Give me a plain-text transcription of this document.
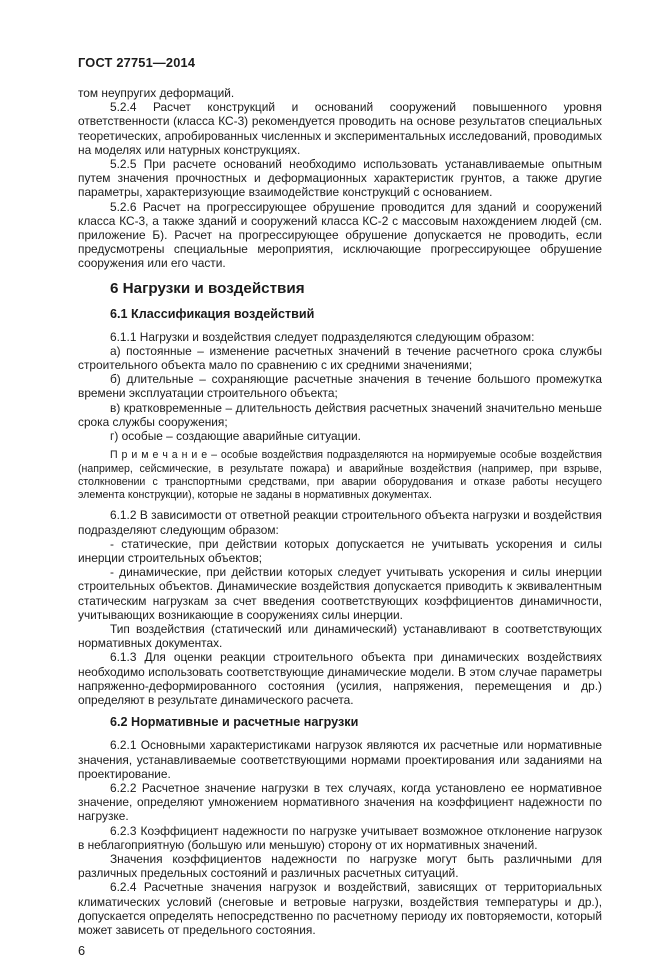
ГОСТ 27751—2014

том неупругих деформаций.

5.2.4 Расчет конструкций и оснований сооружений повышенного уровня ответственности (класса КС-3) рекомендуется проводить на основе результатов специальных теоретических, апробированных численных и экспериментальных исследований, проводимых на моделях или натурных конструкциях.

5.2.5 При расчете оснований необходимо использовать устанавливаемые опытным путем значения прочностных и деформационных характеристик грунтов, а также другие параметры, характеризующие взаимодействие конструкций с основанием.

5.2.6 Расчет на прогрессирующее обрушение проводится для зданий и сооружений класса КС-3, а также зданий и сооружений класса КС-2 с массовым нахождением людей (см. приложение Б). Расчет на прогрессирующее обрушение допускается не проводить, если предусмотрены специальные мероприятия, исключающие прогрессирующее обрушение сооружения или его части.

6 Нагрузки и воздействия
6.1 Классификация воздействий

6.1.1 Нагрузки и воздействия следует подразделяются следующим образом:

а) постоянные – изменение расчетных значений в течение расчетного срока службы строительного объекта мало по сравнению с их средними значениями;

б) длительные – сохраняющие расчетные значения в течение большого промежутка времени эксплуатации строительного объекта;

в) кратковременные – длительность действия расчетных значений значительно меньше срока службы сооружения;

г) особые – создающие аварийные ситуации.

П р и м е ч а н и е – особые воздействия подразделяются на нормируемые особые воздействия (например, сейсмические, в результате пожара) и аварийные воздействия (например, при взрыве, столкновении с транспортными средствами, при аварии оборудования и отказе работы несущего элемента конструкции), которые не заданы в нормативных документах.

6.1.2 В зависимости от ответной реакции строительного объекта нагрузки и воздействия подразделяют следующим образом:

- статические, при действии которых допускается не учитывать ускорения и силы инерции строительных объектов;

- динамические, при действии которых следует учитывать ускорения и силы инерции строительных объектов. Динамические воздействия допускается приводить к эквивалентным статическим нагрузкам за счет введения соответствующих коэффициентов динамичности, учитывающих возникающие в сооружениях силы инерции.

Тип воздействия (статический или динамический) устанавливают в соответствующих нормативных документах.

6.1.3 Для оценки реакции строительного объекта при динамических воздействиях необходимо использовать соответствующие динамические модели. В этом случае параметры напряженно-деформированного состояния (усилия, напряжения, перемещения и др.) определяют в результате динамического расчета.

6.2 Нормативные и расчетные нагрузки

6.2.1 Основными характеристиками нагрузок являются их расчетные или нормативные значения, устанавливаемые соответствующими нормами проектирования или заданиями на проектирование.

6.2.2 Расчетное значение нагрузки в тех случаях, когда установлено ее нормативное значение, определяют умножением нормативного значения на коэффициент надежности по нагрузке.

6.2.3 Коэффициент надежности по нагрузке учитывает возможное отклонение нагрузок в неблагоприятную (большую или меньшую) сторону от их нормативных значений.

Значения коэффициентов надежности по нагрузке могут быть различными для различных предельных состояний и различных расчетных ситуаций.

6.2.4 Расчетные значения нагрузок и воздействий, зависящих от территориальных климатических условий (снеговые и ветровые нагрузки, воздействия температуры и др.), допускается определять непосредственно по расчетному периоду их повторяемости, который может зависеть от предельного состояния.

6
